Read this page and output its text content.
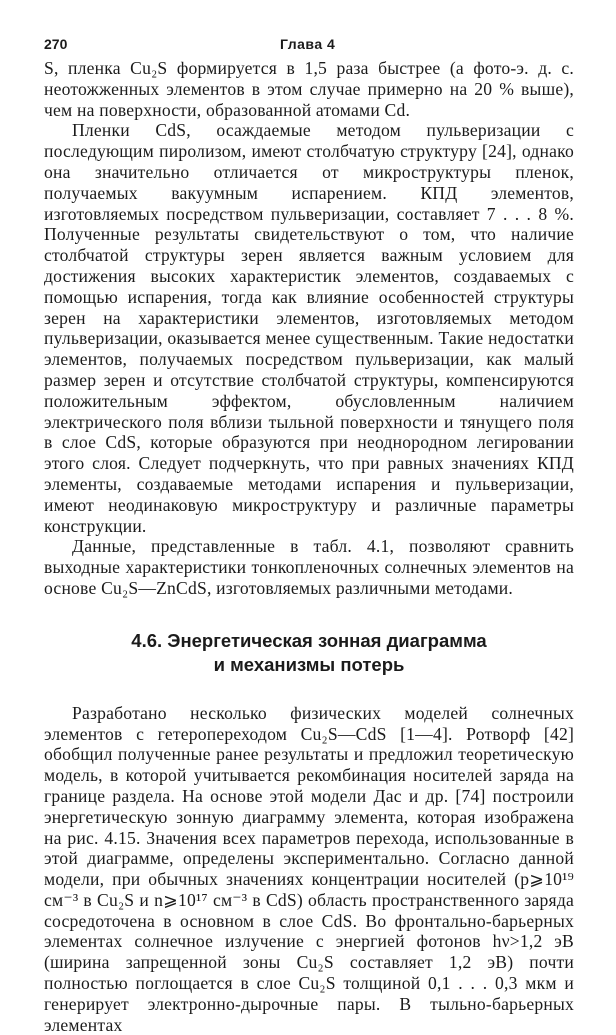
270	Глава 4

S, пленка Cu₂S формируется в 1,5 раза быстрее (а фото-э. д. с. неотожженных элементов в этом случае примерно на 20 % выше), чем на поверхности, образованной атомами Cd.

Пленки CdS, осаждаемые методом пульверизации с последующим пиролизом, имеют столбчатую структуру [24], однако она значительно отличается от микроструктуры пленок, получаемых вакуумным испарением. КПД элементов, изготовляемых посредством пульверизации, составляет 7 . . . 8 %. Полученные результаты свидетельствуют о том, что наличие столбчатой структуры зерен является важным условием для достижения высоких характеристик элементов, создаваемых с помощью испарения, тогда как влияние особенностей структуры зерен на характеристики элементов, изготовляемых методом пульверизации, оказывается менее существенным. Такие недостатки элементов, получаемых посредством пульверизации, как малый размер зерен и отсутствие столбчатой структуры, компенсируются положительным эффектом, обусловленным наличием электрического поля вблизи тыльной поверхности и тянущего поля в слое CdS, которые образуются при неоднородном легировании этого слоя. Следует подчеркнуть, что при равных значениях КПД элементы, создаваемые методами испарения и пульверизации, имеют неодинаковую микроструктуру и различные параметры конструкции.

Данные, представленные в табл. 4.1, позволяют сравнить выходные характеристики тонкопленочных солнечных элементов на основе Cu₂S—ZnCdS, изготовляемых различными методами.

4.6. Энергетическая зонная диаграмма
и механизмы потерь

Разработано несколько физических моделей солнечных элементов с гетеропереходом Cu₂S—CdS [1—4]. Ротворф [42] обобщил полученные ранее результаты и предложил теоретическую модель, в которой учитывается рекомбинация носителей заряда на границе раздела. На основе этой модели Дас и др. [74] построили энергетическую зонную диаграмму элемента, которая изображена на рис. 4.15. Значения всех параметров перехода, использованные в этой диаграмме, определены экспериментально. Согласно данной модели, при обычных значениях концентрации носителей (p⩾10¹⁹ см⁻³ в Cu₂S и n⩾10¹⁷ см⁻³ в CdS) область пространственного заряда сосредоточена в основном в слое CdS. Во фронтально-барьерных элементах солнечное излучение с энергией фотонов hν>1,2 эВ (ширина запрещенной зоны Cu₂S составляет 1,2 эВ) почти полностью поглощается в слое Cu₂S толщиной 0,1 . . . 0,3 мкм и генерирует электронно-дырочные пары. В тыльно-барьерных элементах
